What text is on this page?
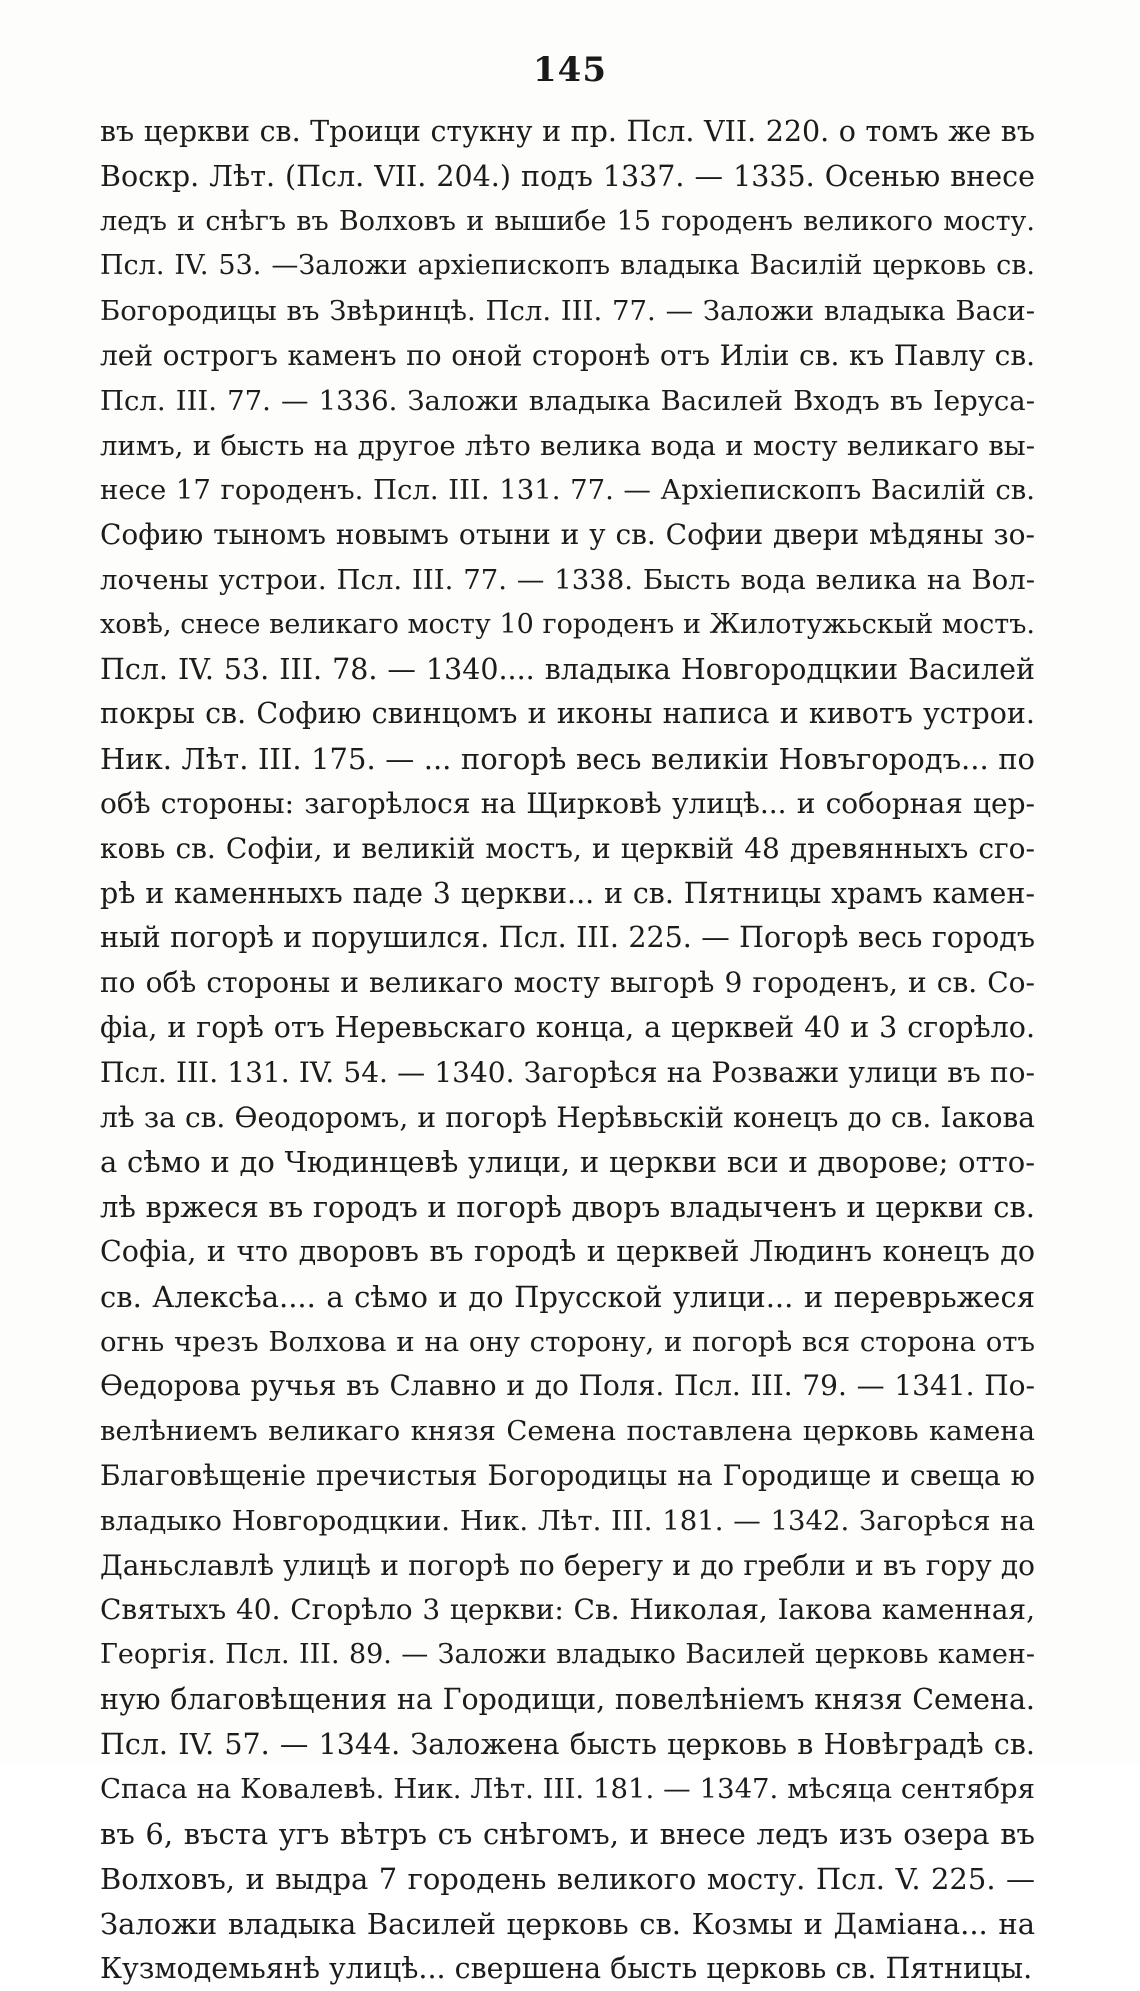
145
въ церкви св. Троици стукну и пр. Псл. VII. 220. о томъ же въ
Воскр. Лѣт. (Псл. VII. 204.) подъ 1337. — 1335. Осенью внесе
ледъ и снѣгъ въ Волховъ и вышибе 15 городенъ великого мосту.
Псл. IV. 53. —Заложи архіепископъ владыка Василій церковь св.
Богородицы въ Звѣринцѣ. Псл. III. 77. — Заложи владыка Васи-
лей острогъ каменъ по оной сторонѣ отъ Иліи св. къ Павлу св.
Псл. III. 77. — 1336. Заложи владыка Василей Входъ въ Іеруса-
лимъ, и бысть на другое лѣто велика вода и мосту великаго вы-
несе 17 городенъ. Псл. III. 131. 77. — Архіепископъ Василій св.
Софию тыномъ новымъ отыни и у св. Софии двери мѣдяны зо-
лочены устрои. Псл. III. 77. — 1338. Бысть вода велика на Вол-
ховѣ, снесе великаго мосту 10 городенъ и Жилотужьскый мостъ.
Псл. IV. 53. III. 78. — 1340.... владыка Новгородцкии Василей
покры св. Софию свинцомъ и иконы написа и кивотъ устрои.
Ник. Лѣт. III. 175. — ... погорѣ весь великіи Новъгородъ... по
обѣ стороны: загорѣлося на Щирковѣ улицѣ... и соборная цер-
ковь св. Софіи, и великій мостъ, и церквій 48 древянныхъ сго-
рѣ и каменныхъ паде 3 церкви... и св. Пятницы храмъ камен-
ный погорѣ и порушился. Псл. III. 225. — Погорѣ весь городъ
по обѣ стороны и великаго мосту выгорѣ 9 городенъ, и св. Со-
фіа, и горѣ отъ Неревьскаго конца, а церквей 40 и 3 сгорѣло.
Псл. III. 131. IV. 54. — 1340. Загорѣся на Розважи улици въ по-
лѣ за св. Ѳеодоромъ, и погорѣ Нерѣвьскій конецъ до св. Іакова
а сѣмо и до Чюдинцевѣ улици, и церкви вси и дворове; отто-
лѣ вржеся въ городъ и погорѣ дворъ владыченъ и церкви св.
Софіа, и что дворовъ въ городѣ и церквей Людинъ конецъ до
св. Алексѣа.... а сѣмо и до Прусской улици... и переврьжеся
огнь чрезъ Волхова и на ону сторону, и погорѣ вся сторона отъ
Ѳедорова ручья въ Славно и до Поля. Псл. III. 79. — 1341. По-
велѣниемъ великаго князя Семена поставлена церковь камена
Благовѣщеніе пречистыя Богородицы на Городище и свеща ю
владыко Новгородцкии. Ник. Лѣт. III. 181. — 1342. Загорѣся на
Даньславлѣ улицѣ и погорѣ по берегу и до гребли и въ гору до
Святыхъ 40. Сгорѣло 3 церкви: Св. Николая, Іакова каменная,
Георгія. Псл. III. 89. — Заложи владыко Василей церковь камен-
ную благовѣщения на Городищи, повелѣніемъ князя Семена.
Псл. IV. 57. — 1344. Заложена бысть церковь в Новѣградѣ св.
Спаса на Ковалевѣ. Ник. Лѣт. III. 181. — 1347. мѣсяца сентября
въ 6, въста угъ вѣтръ съ снѣгомъ, и внесе ледъ изъ озера въ
Волховъ, и выдра 7 городень великого мосту. Псл. V. 225. —
Заложи владыка Василей церковь св. Козмы и Даміана... на
Кузмодемьянѣ улицѣ... свершена бысть церковь св. Пятницы.
